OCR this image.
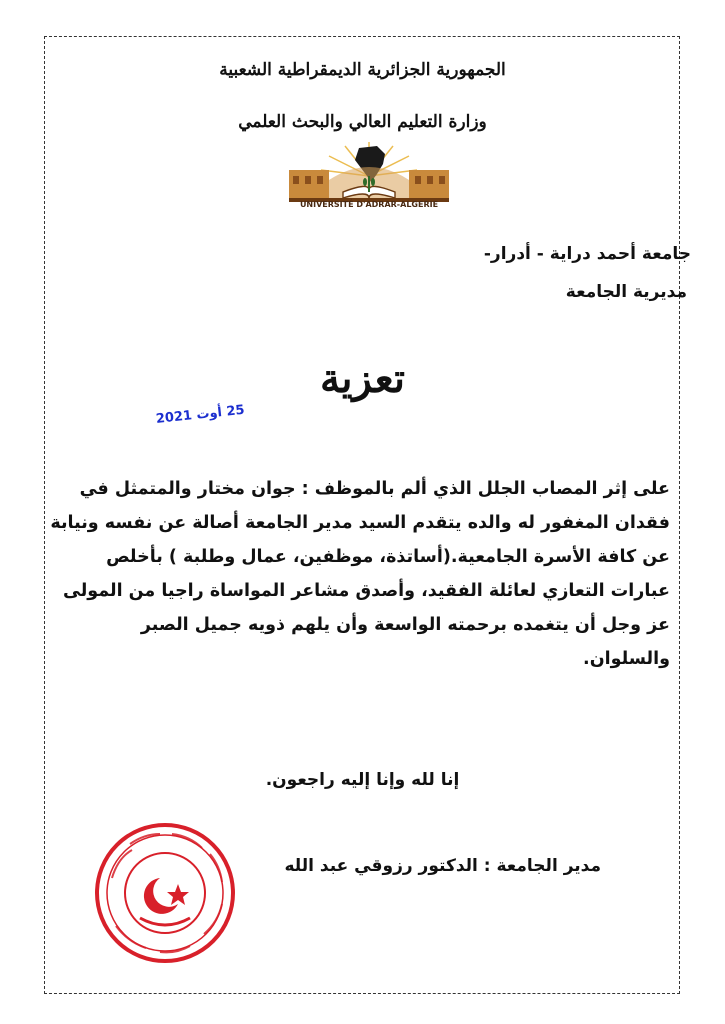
الجمهورية الجزائرية الديمقراطية الشعبية
وزارة التعليم العالي والبحث العلمي
UNIVERSITÉ D'ADRAR-ALGERIE
جامعة أحمد دراية - أدرار-
مديرية الجامعة
تعزية
25 أوت 2021
على إثر المصاب الجلل الذي ألم بالموظف : جوان مختار والمتمثل في
فقدان المغفور له والده يتقدم السيد مدير الجامعة أصالة عن نفسه ونيابة
عن كافة الأسرة الجامعية.(أساتذة، موظفين، عمال وطلبة ) بأخلص
عبارات التعازي لعائلة الفقيد، وأصدق مشاعر المواساة راجيا من المولى
عز وجل أن يتغمده برحمته الواسعة وأن يلهم ذويه جميل الصبر
والسلوان.
إنا لله وإنا إليه راجعون.
مدير الجامعة : الدكتور رزوقي عبد الله
